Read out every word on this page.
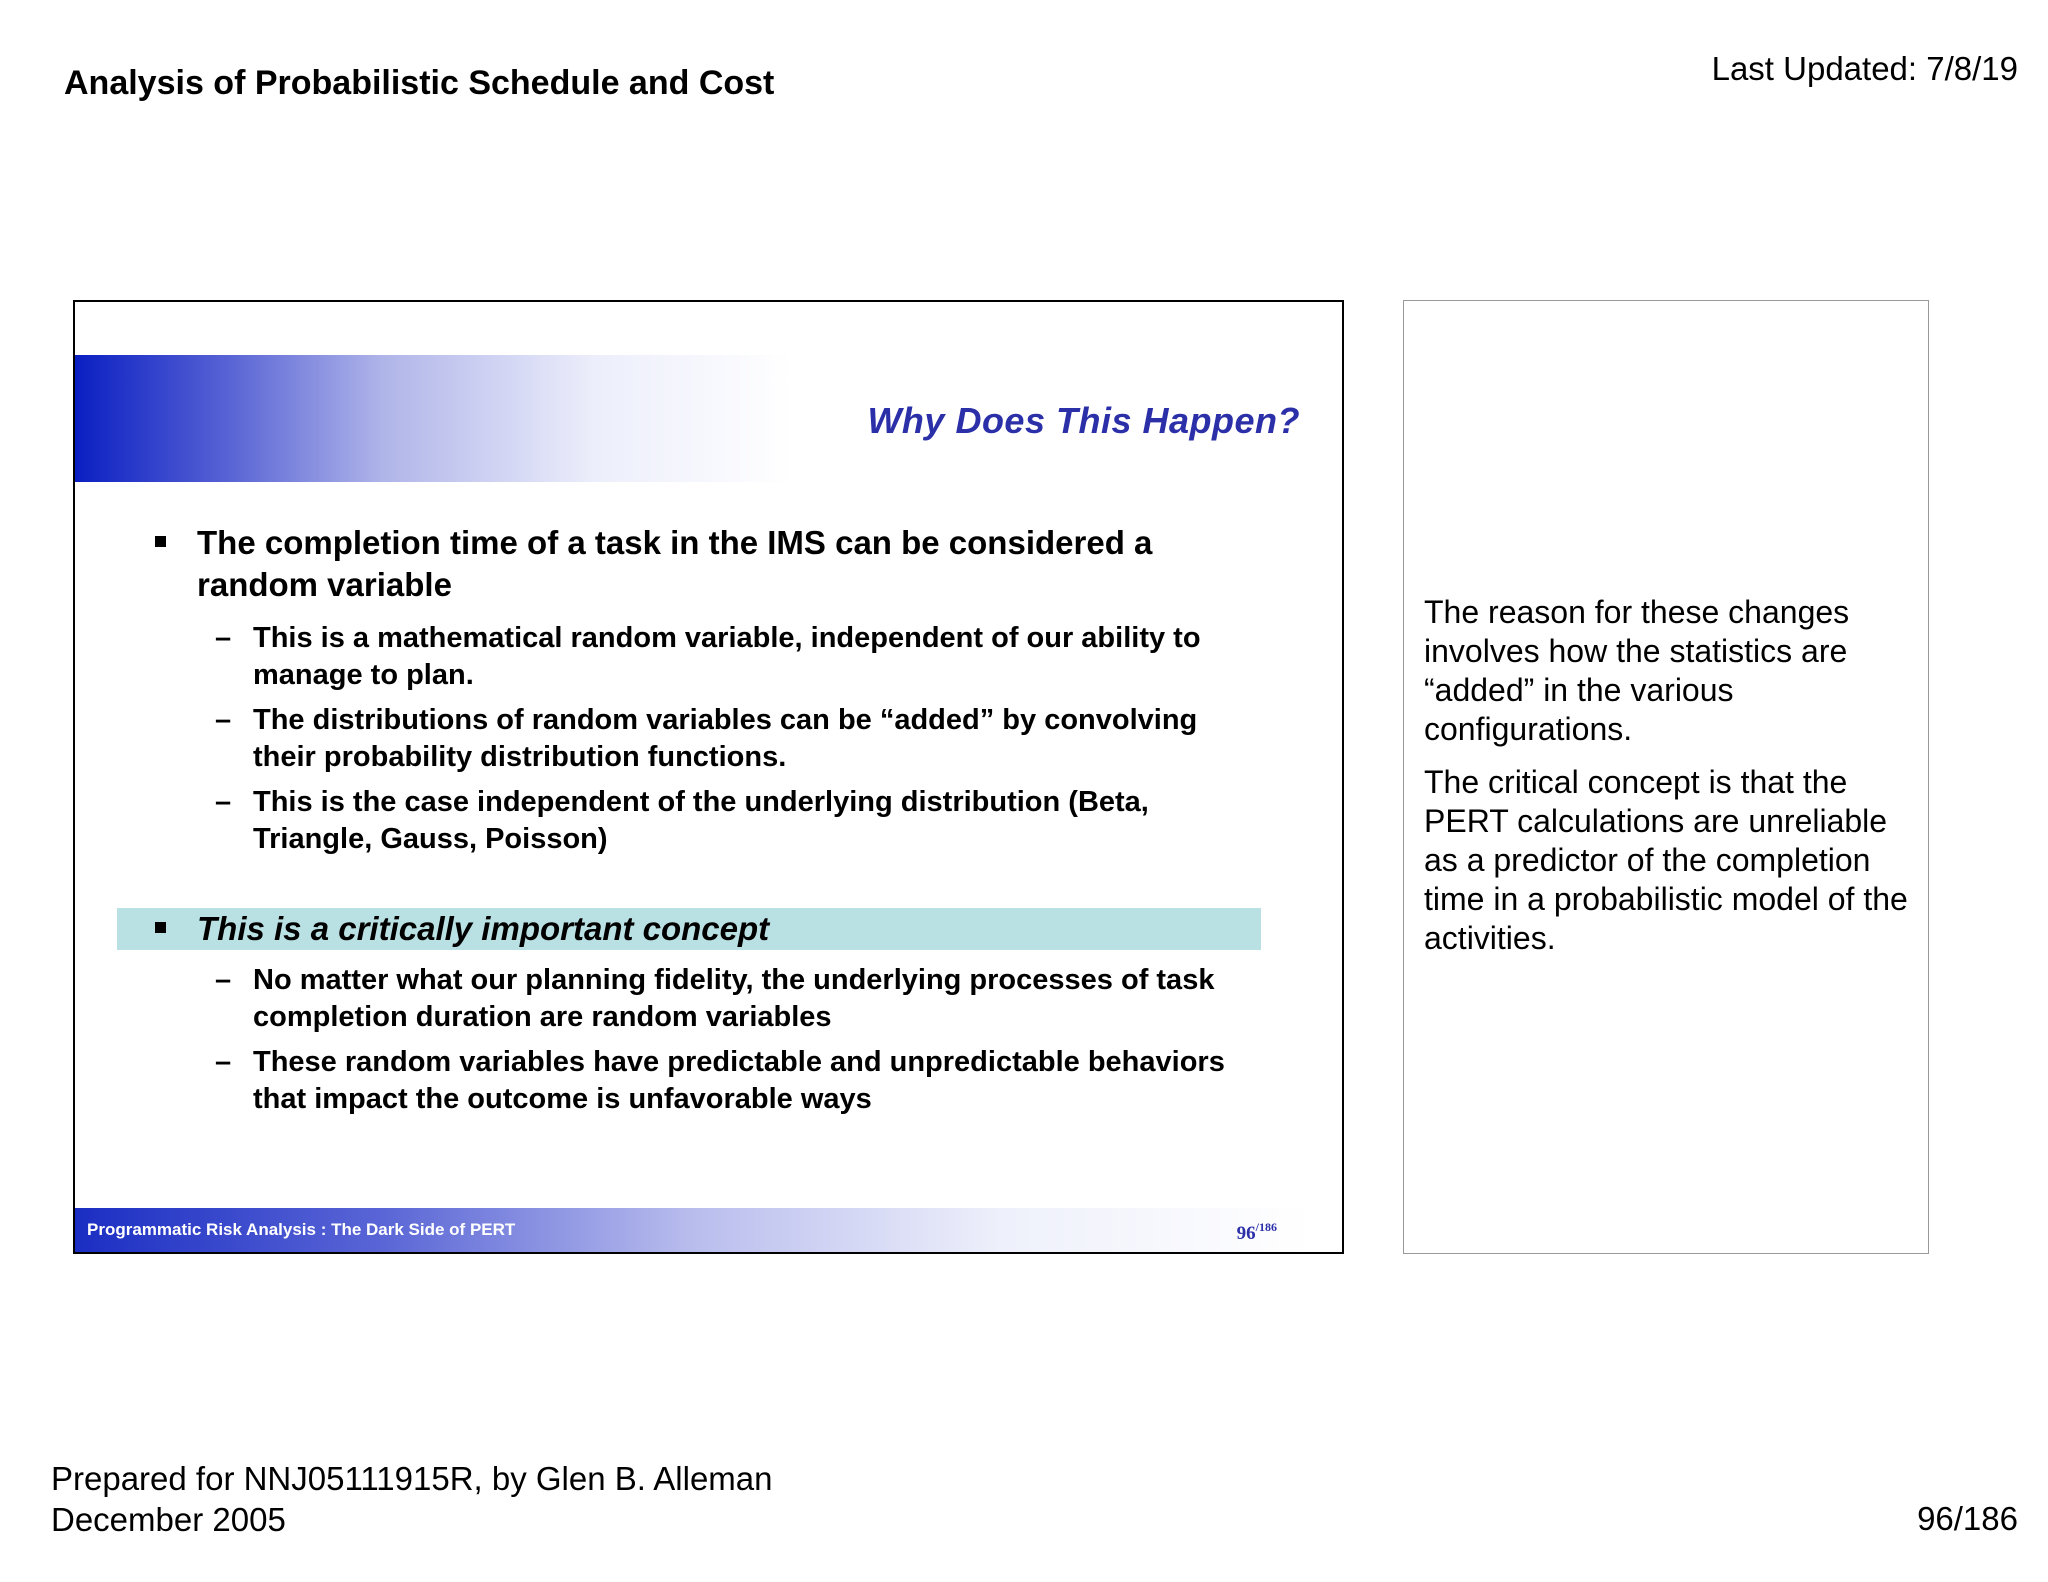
Analysis of Probabilistic Schedule and Cost	Last Updated: 7/8/19
Why Does This Happen?
The completion time of a task in the IMS can be considered a random variable
– This is a mathematical random variable, independent of our ability to manage to plan.
– The distributions of random variables can be “added” by convolving their probability distribution functions.
– This is the case independent of the underlying distribution (Beta, Triangle, Gauss, Poisson)
This is a critically important concept
– No matter what our planning fidelity, the underlying processes of task completion duration are random variables
– These random variables have predictable and unpredictable behaviors that impact the outcome is unfavorable ways
Programmatic Risk Analysis : The Dark Side of PERT	$96^{/186}$

The reason for these changes involves how the statistics are “added” in the various configurations.

The critical concept is that the PERT calculations are unreliable as a predictor of the completion time in a probabilistic model of the activities.

Prepared for NNJ05111915R, by Glen B. Alleman
December 2005	96/186
